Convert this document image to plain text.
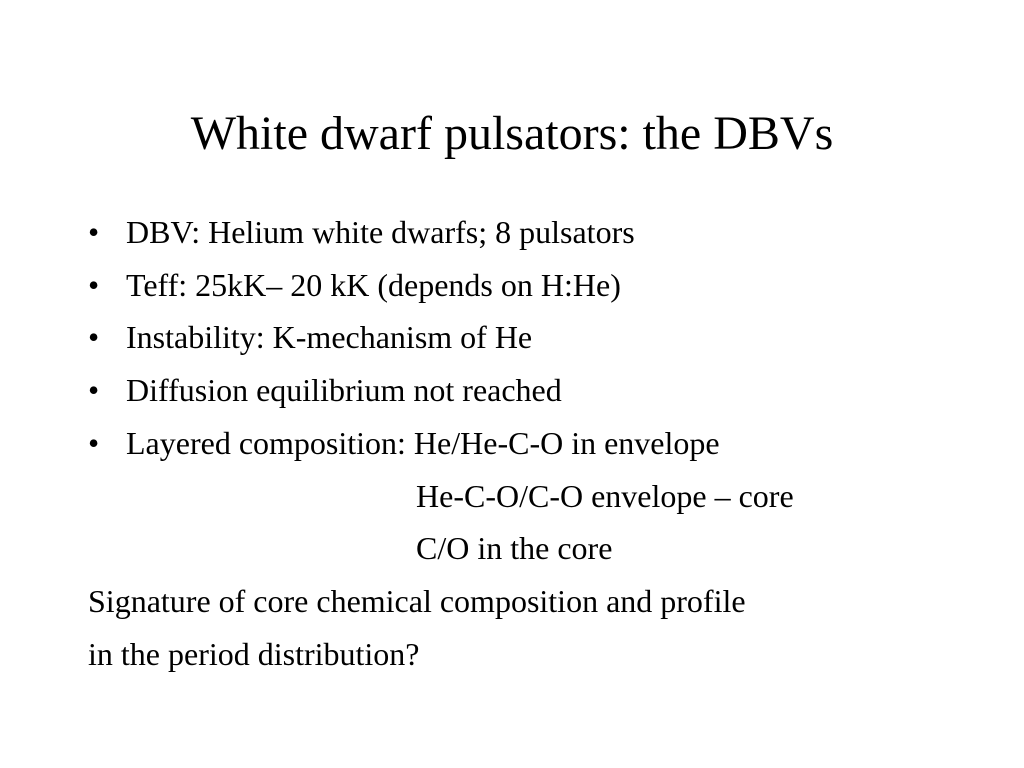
White dwarf pulsators: the DBVs
• DBV: Helium white dwarfs; 8 pulsators
• Teff: 25kK– 20 kK (depends on H:He)
• Instability: K-mechanism of He
• Diffusion equilibrium not reached
• Layered composition: He/He-C-O in envelope
He-C-O/C-O envelope – core
C/O in the core
Signature of core chemical composition and profile
in the period distribution?
